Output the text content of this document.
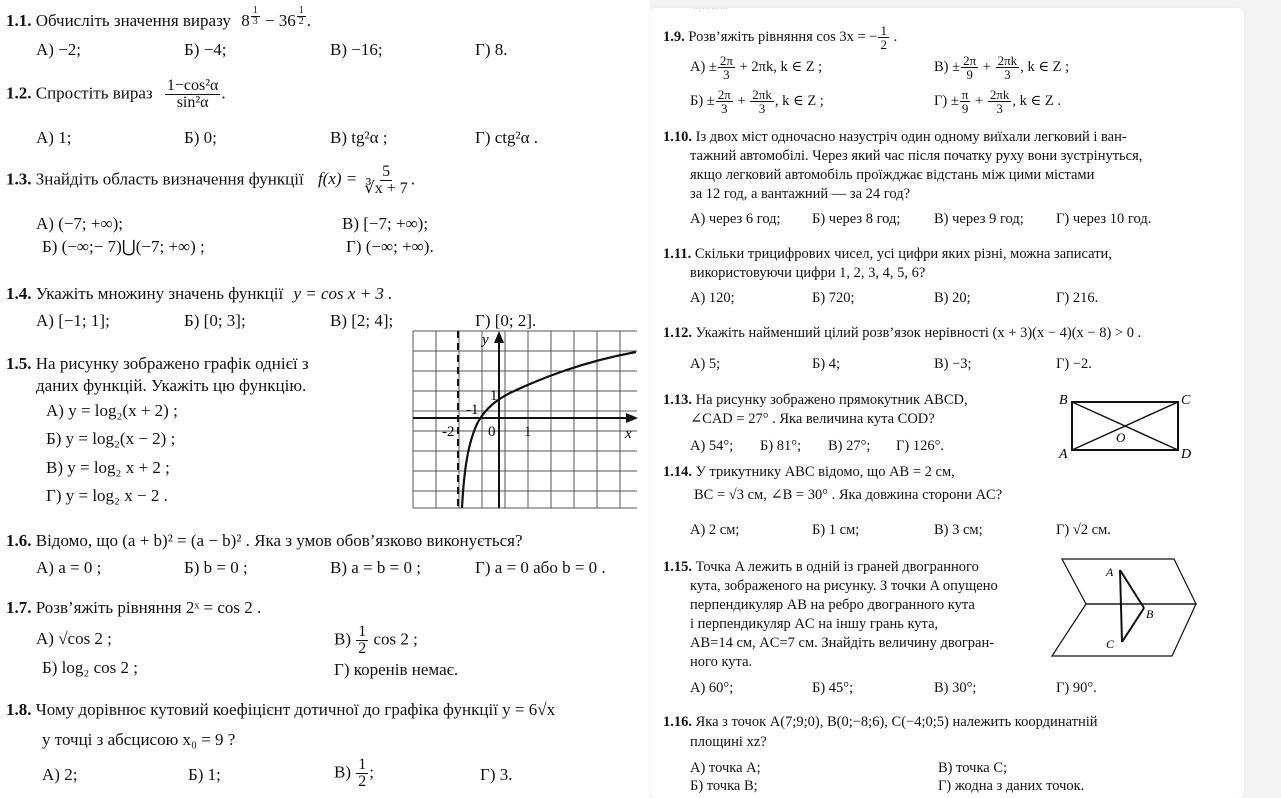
⋯⋯⋯⋯
1.1. Обчисліть значення виразу 8 $^{\frac{1}{3}}$ − 36 $^{\frac{1}{2}}$ .
А) −2;	Б) −4;	В) −16;	Г) 8.
1.2. Спростіть вираз $\frac{\text{1−cos²α}}{\text{sin²α}}$ .
А) 1;	Б) 0;	В) tg²α ;	Г) ctg²α .
1.3. Знайдіть область визначення функції $f(x) = \frac{5}{∛x + 7}$ .
А) (−7; +∞);	В) [−7; +∞);
Б) (−∞;− 7)⋃(−7; +∞) ;	Г) (−∞; +∞).
1.4. Укажіть множину значень функції y = cos x + 3 .
А) [−1; 1];	Б) [0; 3];	В) [2; 4];	Г) [0; 2].
1.5. На рисунку зображено графік однієї з
даних функцій. Укажіть цю функцію.
А) y = log₂(x + 2) ;
Б) y = log₂(x − 2) ;
В) y = log₂ x + 2 ;
Г) y = log₂ x − 2 .
y
x
-2 0 1
1
-1
1.6. Відомо, що (a + b)² = (a − b)² . Яка з умов обов’язково виконується?
А) a = 0 ;	Б) b = 0 ;	В) a = b = 0 ;	Г) a = 0 або b = 0 .
1.7. Розв’яжіть рівняння 2ˣ = cos 2 .
А) √cos 2 ;	$В) \frac{1}{2}$ cos 2 ;
Б) log₂ cos 2 ;	Г) коренів немає.
1.8. Чому дорівнює кутовий коефіцієнт дотичної до графіка функції y = 6√x
у точці з абсцисою x₀ = 9 ?
А) 2;	Б) 1;	$В) \frac{1}{2}$ ;	Г) 3.
1.9. Розв’яжіть рівняння cos 3x = − $\frac{1}{2}$ .
$А) \pm \frac{2\pi}{3} + 2\pi k$, k ∈ Z ;	$В) \pm \frac{2\pi}{9} + \frac{2\pi k}{3}$ , k ∈ Z ;
$Б) \pm \frac{2\pi}{3} + \frac{2\pi k}{3}$ , k ∈ Z ;	$Г) \pm \frac{\pi}{9} + \frac{2\pi k}{3}$ , k ∈ Z .
1.10. Із двох міст одночасно назустріч один одному виїхали легковий і ван-
тажний автомобілі. Через який час після початку руху вони зустрінуться,
якщо легковий автомобіль проїжджає відстань між цими містами
за 12 год, а вантажний — за 24 год?
А) через 6 год; Б) через 8 год; В) через 9 год; Г) через 10 год.
1.11. Скільки трицифрових чисел, усі цифри яких різні, можна записати,
використовуючи цифри 1, 2, 3, 4, 5, 6?
А) 120;	Б) 720;	В) 20;	Г) 216.
1.12. Укажіть найменший цілий розв’язок нерівності (x + 3)(x − 4)(x − 8) > 0 .
А) 5;	Б) 4;	В) −3;	Г) −2.
1.13. На рисунку зображено прямокутник ABCD,
∠CAD = 27° . Яка величина кута COD?
А) 54°; Б) 81°; В) 27°; Г) 126°.
B	C
A	D
O
1.14. У трикутнику ABC відомо, що AB = 2 см,
BC = √3 см, ∠B = 30° . Яка довжина сторони AC?
А) 2 см;	Б) 1 см;	В) 3 см;	Г) √2 см.
1.15. Точка A лежить в одній із граней двогранного
кута, зображеного на рисунку. З точки A опущено
перпендикуляр AB на ребро двогранного кута
і перпендикуляр AC на іншу грань кута,
AB=14 см, AC=7 см. Знайдіть величину двогран-
ного кута.
А) 60°;	Б) 45°;	В) 30°;	Г) 90°.
A
B
C
1.16. Яка з точок A(7;9;0), B(0;−8;6), C(−4;0;5) належить координатній
площині xz?
А) точка A;	В) точка C;
Б) точка B;	Г) жодна з даних точок.
